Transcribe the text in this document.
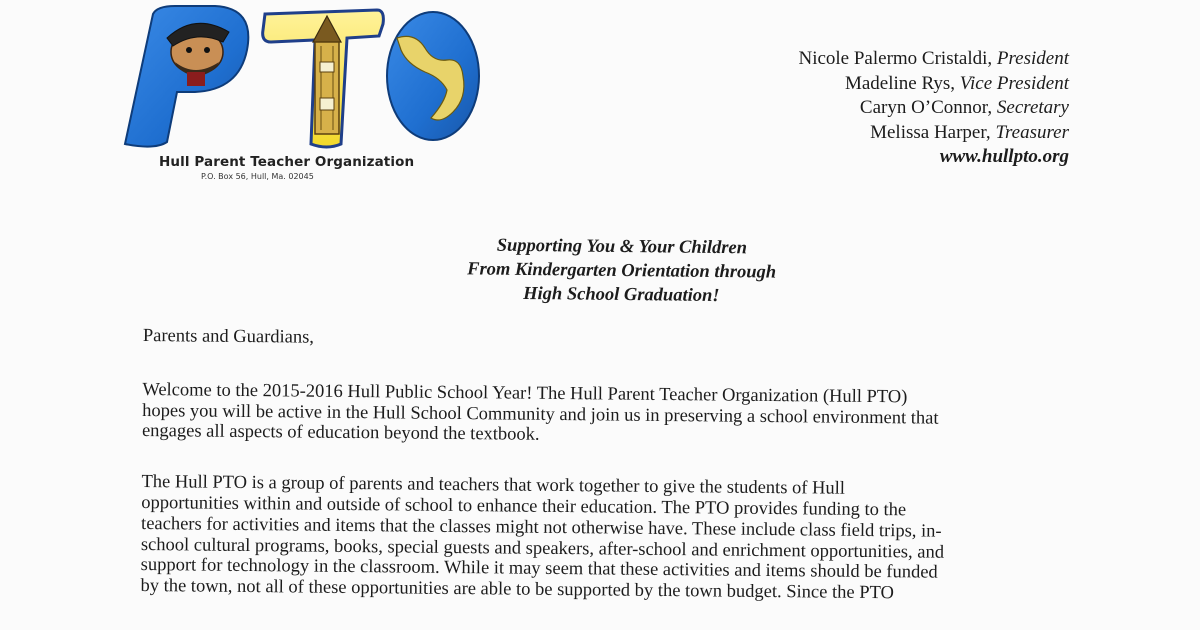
Hull Parent Teacher Organization
P.O. Box 56, Hull, Ma. 02045
Nicole Palermo Cristaldi, President
Madeline Rys, Vice President
Caryn O’Connor, Secretary
Melissa Harper, Treasurer
www.hullpto.org
Supporting You & Your Children
From Kindergarten Orientation through
High School Graduation!
Parents and Guardians,
Welcome to the 2015-2016 Hull Public School Year! The Hull Parent Teacher Organization (Hull PTO)
hopes you will be active in the Hull School Community and join us in preserving a school environment that
engages all aspects of education beyond the textbook.
The Hull PTO is a group of parents and teachers that work together to give the students of Hull
opportunities within and outside of school to enhance their education. The PTO provides funding to the
teachers for activities and items that the classes might not otherwise have. These include class field trips, in-
school cultural programs, books, special guests and speakers, after-school and enrichment opportunities, and
support for technology in the classroom. While it may seem that these activities and items should be funded
by the town, not all of these opportunities are able to be supported by the town budget. Since the PTO
